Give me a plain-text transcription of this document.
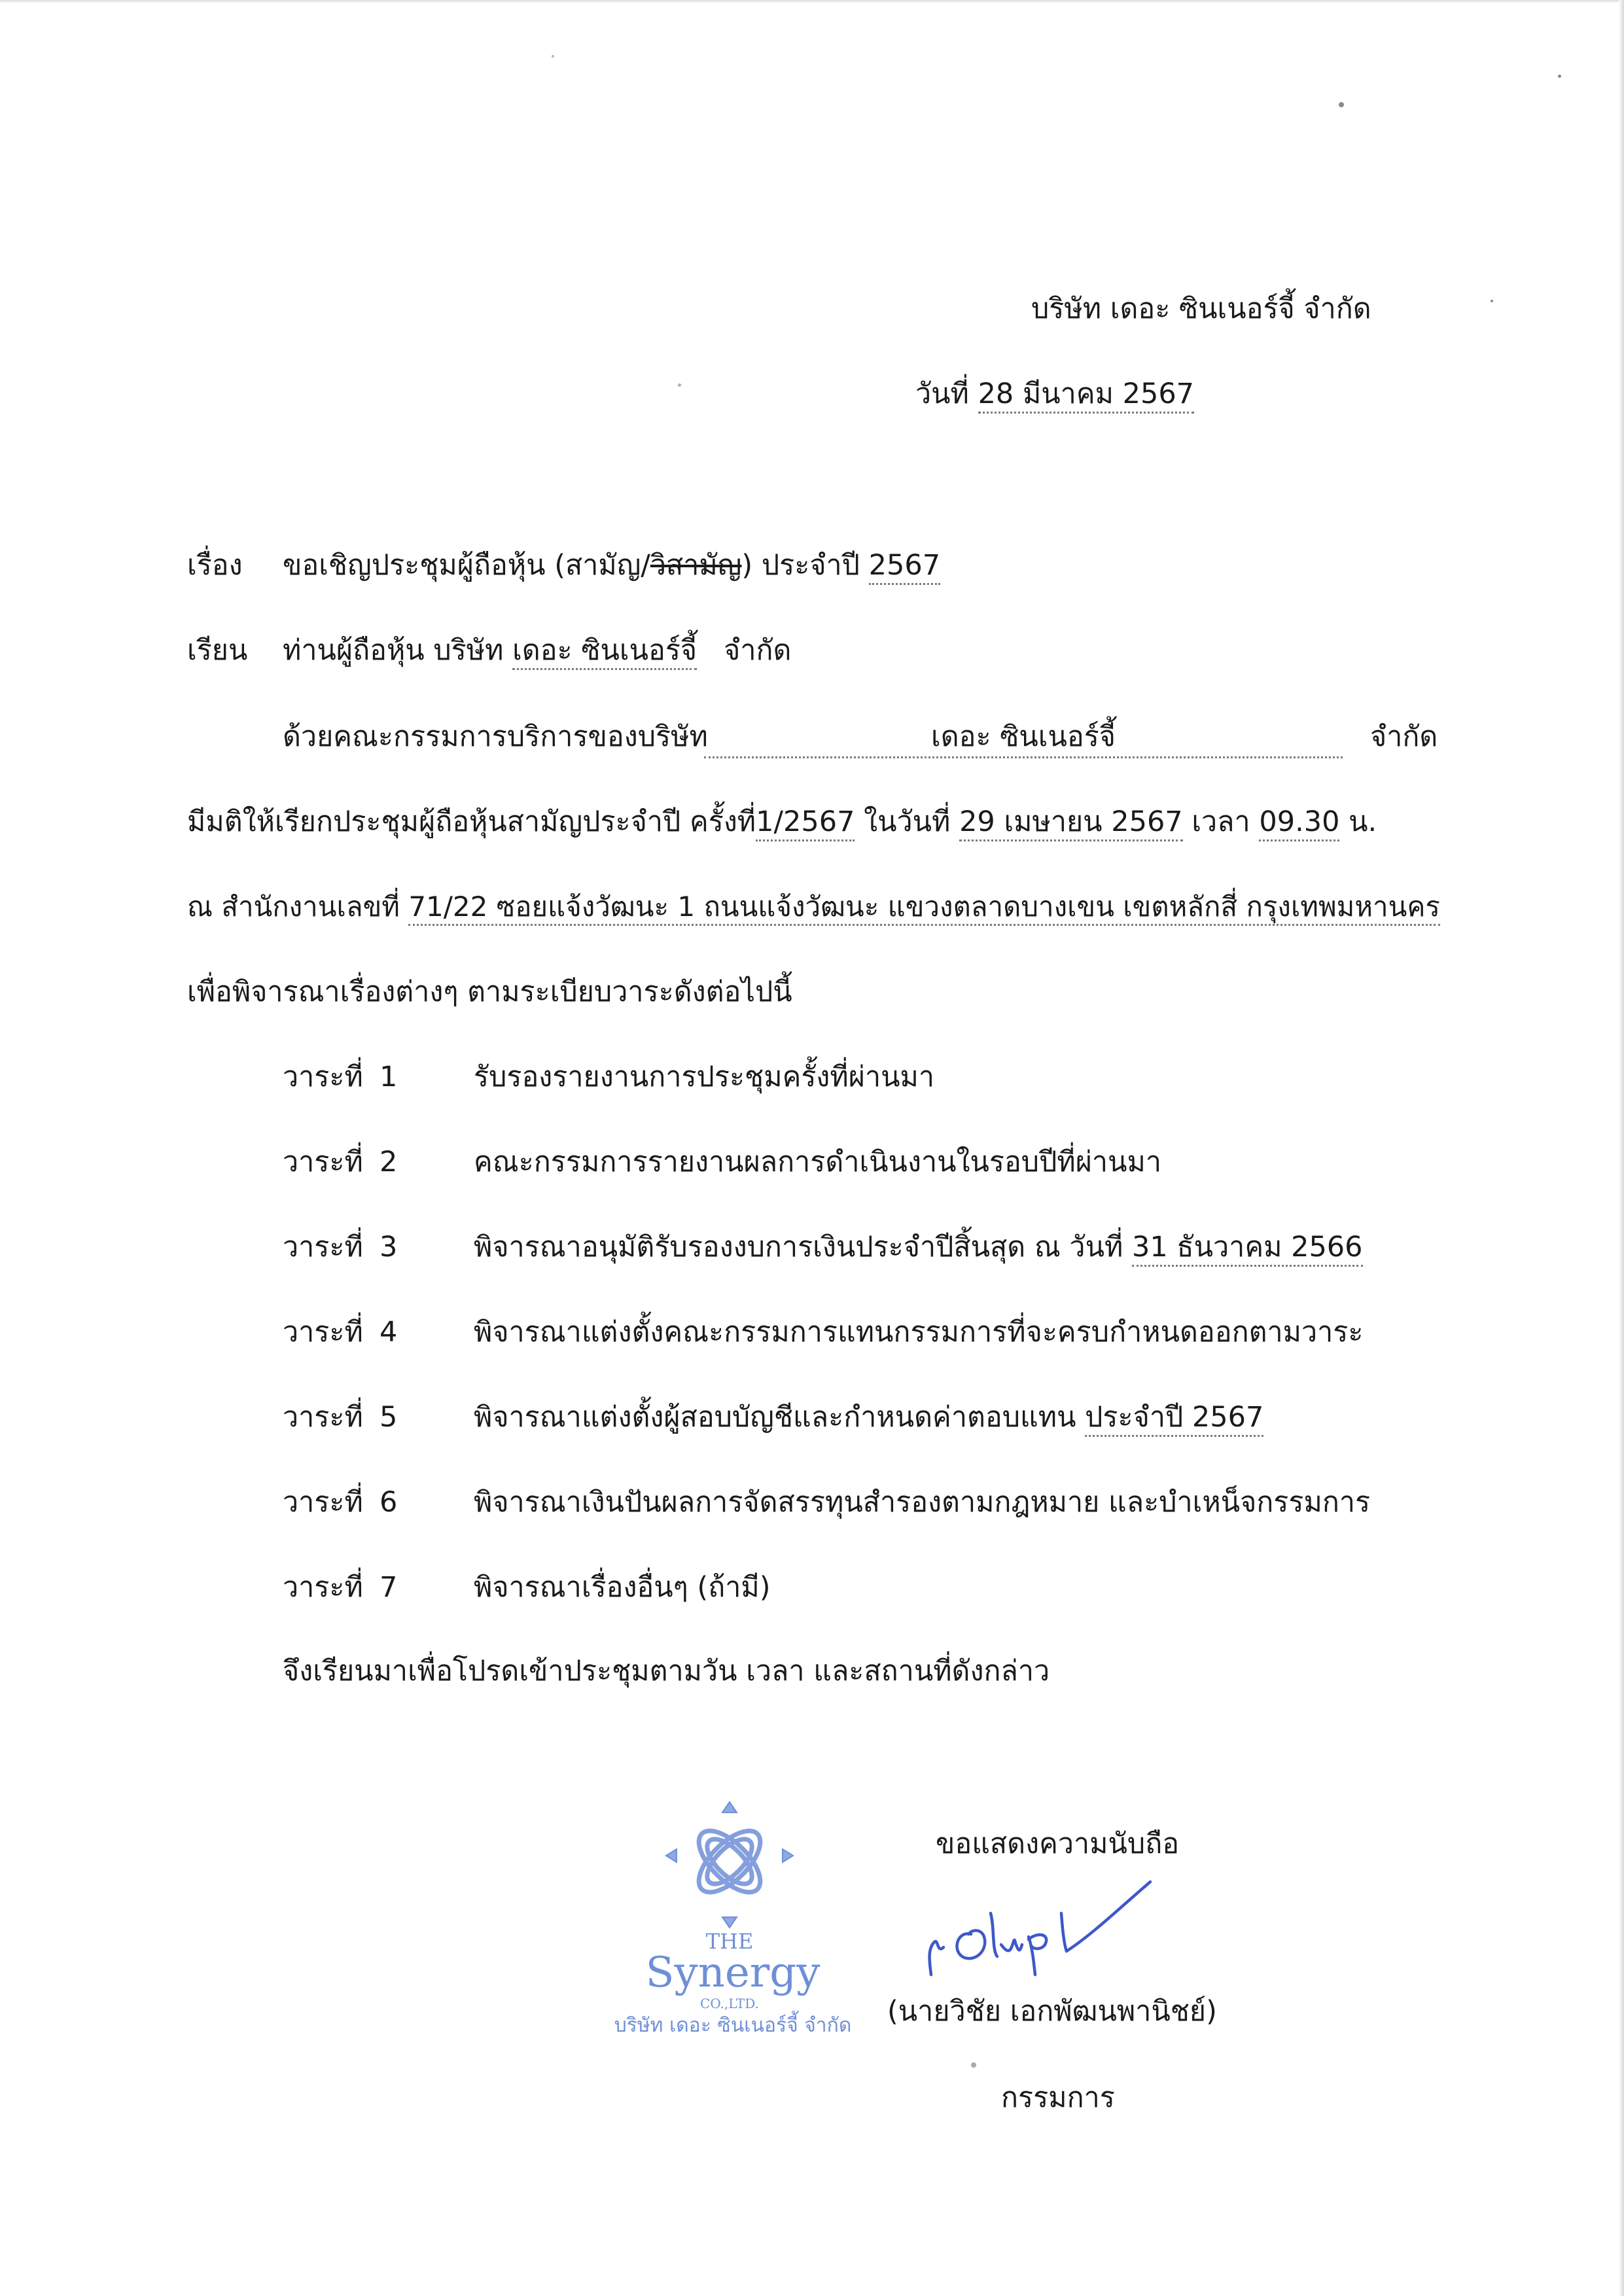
บริษัท เดอะ ซินเนอร์จี้ จำกัด
วันที่ 28 มีนาคม 2567
เรื่อง ขอเชิญประชุมผู้ถือหุ้น (สามัญ/วิสามัญ) ประจำปี 2567
เรียน ท่านผู้ถือหุ้น บริษัท เดอะ ซินเนอร์จี้ จำกัด
ด้วยคณะกรรมการบริการของบริษัท	เดอะ ซินเนอร์จี้	จำกัด
มีมติให้เรียกประชุมผู้ถือหุ้นสามัญประจำปี ครั้งที่1/2567 ในวันที่ 29 เมษายน 2567 เวลา 09.30 น.
ณ สำนักงานเลขที่ 71/22 ซอยแจ้งวัฒนะ 1 ถนนแจ้งวัฒนะ แขวงตลาดบางเขน เขตหลักสี่ กรุงเทพมหานคร
เพื่อพิจารณาเรื่องต่างๆ ตามระเบียบวาระดังต่อไปนี้
วาระที่ 1	รับรองรายงานการประชุมครั้งที่ผ่านมา
วาระที่ 2	คณะกรรมการรายงานผลการดำเนินงานในรอบปีที่ผ่านมา
วาระที่ 3	พิจารณาอนุมัติรับรองงบการเงินประจำปีสิ้นสุด ณ วันที่ 31 ธันวาคม 2566
วาระที่ 4	พิจารณาแต่งตั้งคณะกรรมการแทนกรรมการที่จะครบกำหนดออกตามวาระ
วาระที่ 5	พิจารณาแต่งตั้งผู้สอบบัญชีและกำหนดค่าตอบแทน ประจำปี 2567
วาระที่ 6	พิจารณาเงินปันผลการจัดสรรทุนสำรองตามกฎหมาย และบำเหน็จกรรมการ
วาระที่ 7	พิจารณาเรื่องอื่นๆ (ถ้ามี)
จึงเรียนมาเพื่อโปรดเข้าประชุมตามวัน เวลา และสถานที่ดังกล่าว
ขอแสดงความนับถือ
(นายวิชัย เอกพัฒนพานิชย์)
กรรมการ
THE
Synergy
CO.,LTD.
บริษัท เดอะ ซินเนอร์จี้ จำกัด
